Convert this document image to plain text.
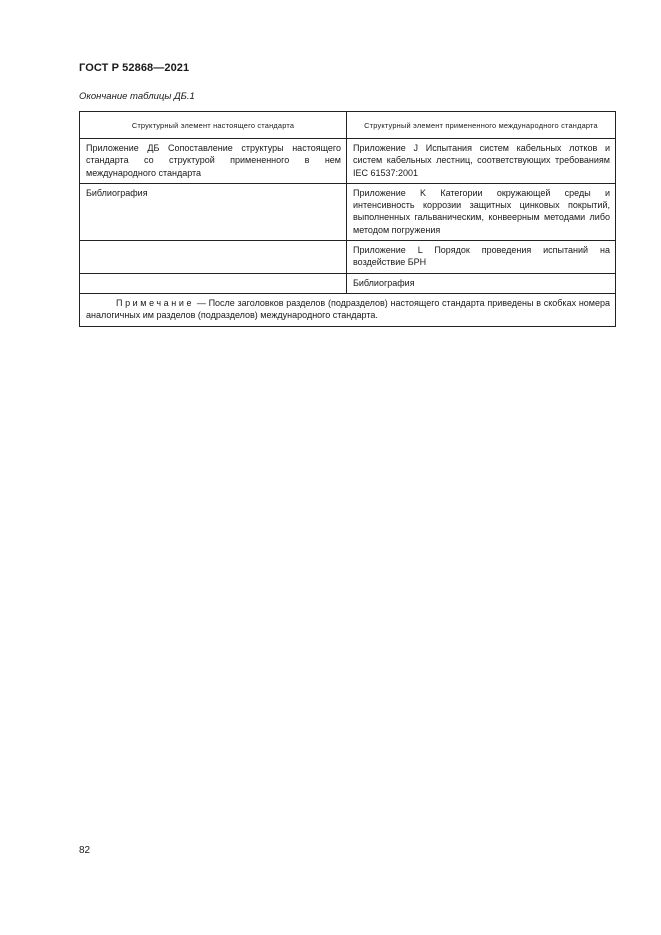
ГОСТ Р 52868—2021
Окончание таблицы ДБ.1
Структурный элемент настоящего стандарта	Структурный элемент примененного международного стандарта
Приложение ДБ Сопоставление структуры настоящего стандарта со структурой примененного в нем международного стандарта	Приложение J Испытания систем кабельных лотков и систем кабельных лестниц, соответствующих требованиям IEC 61537:2001
Библиография	Приложение K Категории окружающей среды и интенсивность коррозии защитных цинковых покрытий, выполненных гальваническим, конвеерным методами либо методом погружения
	Приложение L Порядок проведения испытаний на воздействие БРН
	Библиография
Примечание — После заголовков разделов (подразделов) настоящего стандарта приведены в скобках номера аналогичных им разделов (подразделов) международного стандарта.	
82
